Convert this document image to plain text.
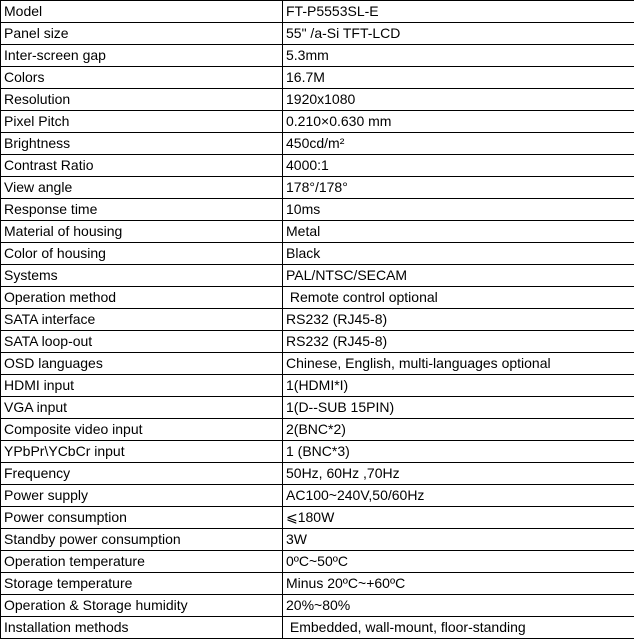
Model	FT-P5553SL-E
Panel size	55" /a-Si TFT-LCD
Inter-screen gap	5.3mm
Colors	16.7M
Resolution	1920x1080
Pixel Pitch	0.210×0.630 mm
Brightness	450cd/m²
Contrast Ratio	4000:1
View angle	178°/178°
Response time	10ms
Material of housing	Metal
Color of housing	Black
Systems	PAL/NTSC/SECAM
Operation method	Remote control optional
SATA interface	RS232 (RJ45-8)
SATA loop-out	RS232 (RJ45-8)
OSD languages	Chinese, English, multi-languages optional
HDMI input	1(HDMI*I)
VGA input	1(D--SUB 15PIN)
Composite video input	2(BNC*2)
YPbPr\YCbCr input	1 (BNC*3)
Frequency	50Hz, 60Hz ,70Hz
Power supply	AC100~240V,50/60Hz
Power consumption	⩽180W
Standby power consumption	3W
Operation temperature	0ºC~50ºC
Storage temperature	Minus 20ºC~+60ºC
Operation & Storage humidity	20%~80%
Installation methods	Embedded, wall-mount, floor-standing
